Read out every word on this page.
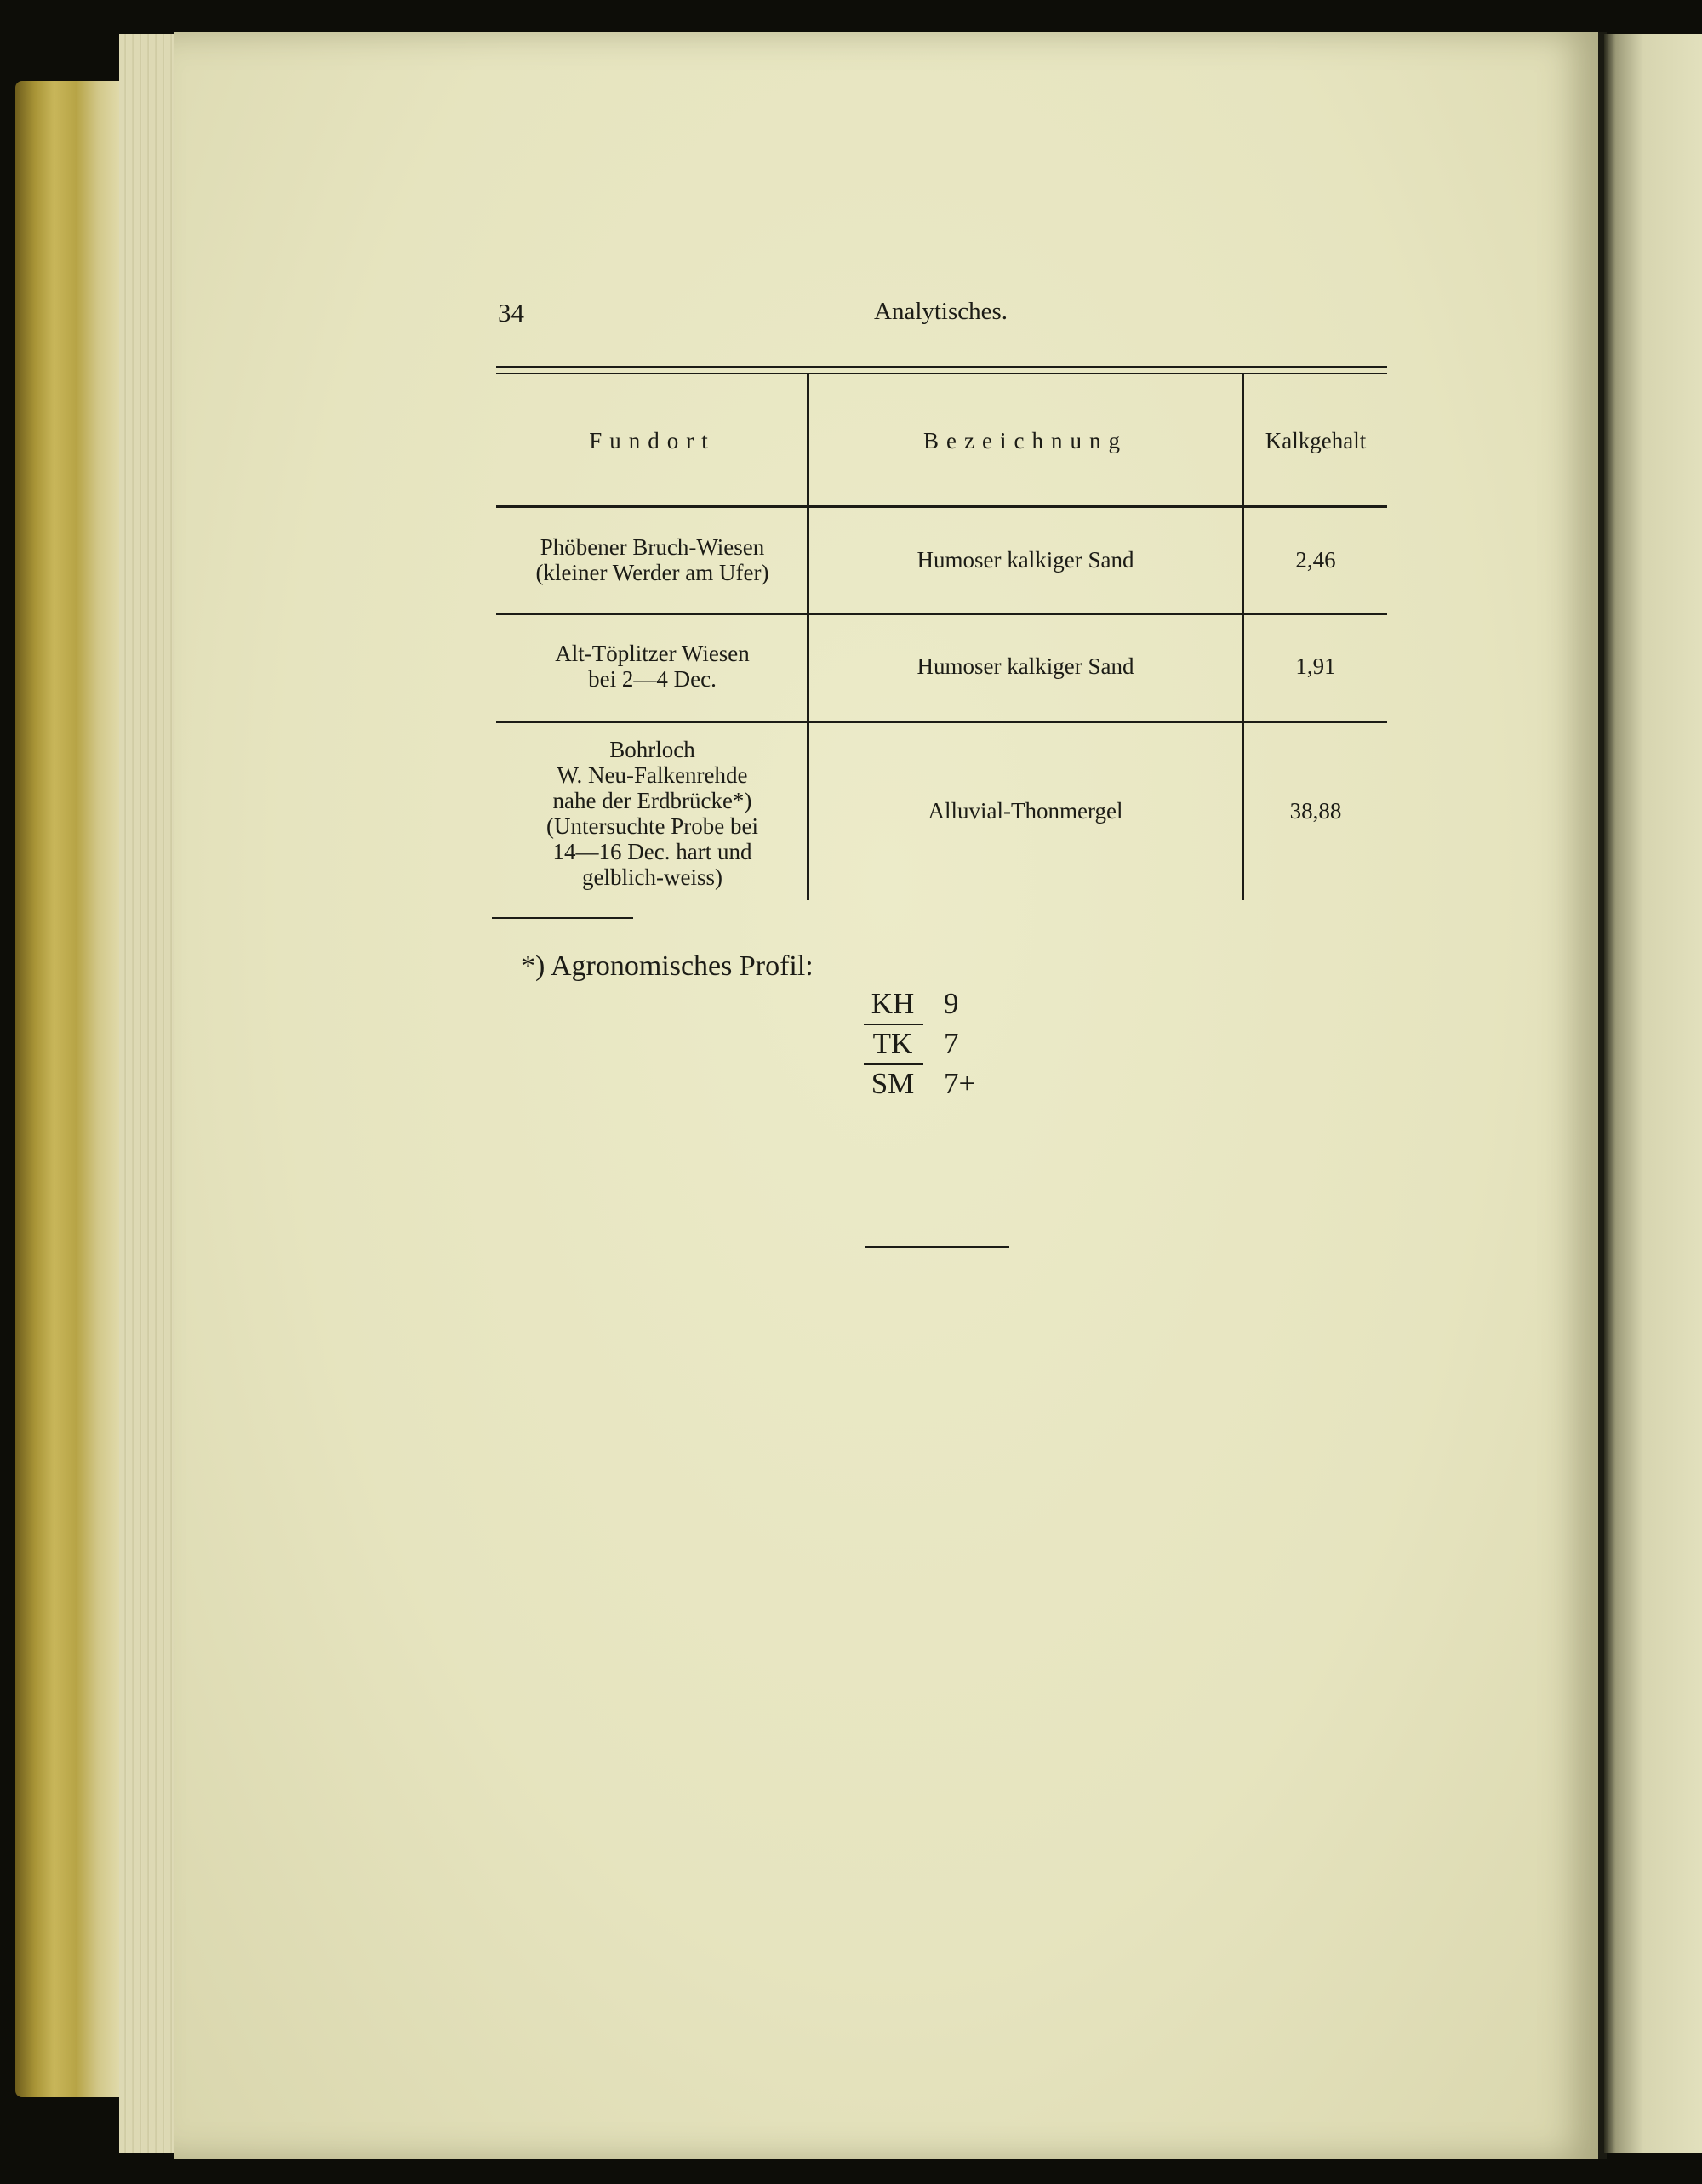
34	Analytisches.
Fundort	Bezeichnung	Kalkgehalt
Phöbener Bruch-Wiesen
(kleiner Werder am Ufer)	Humoser kalkiger Sand	2,46
Alt-Töplitzer Wiesen
bei 2—4 Dec.	Humoser kalkiger Sand	1,91
Bohrloch
W. Neu-Falkenrehde
nahe der Erdbrücke*)
(Untersuchte Probe bei
14—16 Dec. hart und
gelblich-weiss)
Alluvial-Thonmergel	38,88
*) Agronomisches Profil:
KH 9
TK	7
SM 7+
